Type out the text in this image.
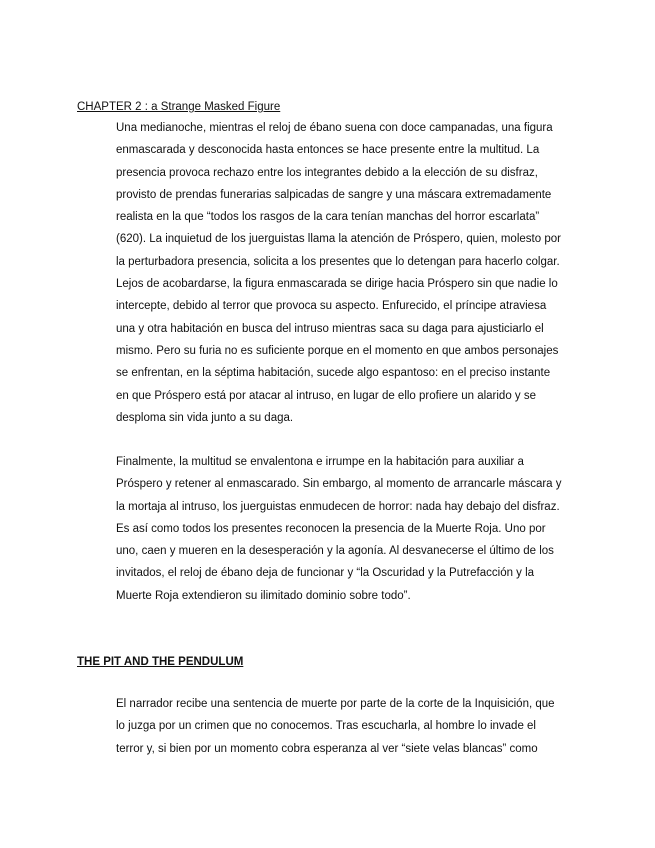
CHAPTER 2 : a Strange Masked Figure

Una medianoche, mientras el reloj de ébano suena con doce campanadas, una figura
enmascarada y desconocida hasta entonces se hace presente entre la multitud. La
presencia provoca rechazo entre los integrantes debido a la elección de su disfraz,
provisto de prendas funerarias salpicadas de sangre y una máscara extremadamente
realista en la que “todos los rasgos de la cara tenían manchas del horror escarlata”
(620). La inquietud de los juerguistas llama la atención de Próspero, quien, molesto por
la perturbadora presencia, solicita a los presentes que lo detengan para hacerlo colgar.
Lejos de acobardarse, la figura enmascarada se dirige hacia Próspero sin que nadie lo
intercepte, debido al terror que provoca su aspecto. Enfurecido, el príncipe atraviesa
una y otra habitación en busca del intruso mientras saca su daga para ajusticiarlo el
mismo. Pero su furia no es suficiente porque en el momento en que ambos personajes
se enfrentan, en la séptima habitación, sucede algo espantoso: en el preciso instante
en que Próspero está por atacar al intruso, en lugar de ello profiere un alarido y se
desploma sin vida junto a su daga.

Finalmente, la multitud se envalentona e irrumpe en la habitación para auxiliar a
Próspero y retener al enmascarado. Sin embargo, al momento de arrancarle máscara y
la mortaja al intruso, los juerguistas enmudecen de horror: nada hay debajo del disfraz.
Es así como todos los presentes reconocen la presencia de la Muerte Roja. Uno por
uno, caen y mueren en la desesperación y la agonía. Al desvanecerse el último de los
invitados, el reloj de ébano deja de funcionar y “la Oscuridad y la Putrefacción y la
Muerte Roja extendieron su ilimitado dominio sobre todo”.

THE PIT AND THE PENDULUM

El narrador recibe una sentencia de muerte por parte de la corte de la Inquisición, que
lo juzga por un crimen que no conocemos. Tras escucharla, al hombre lo invade el
terror y, si bien por un momento cobra esperanza al ver “siete velas blancas” como
